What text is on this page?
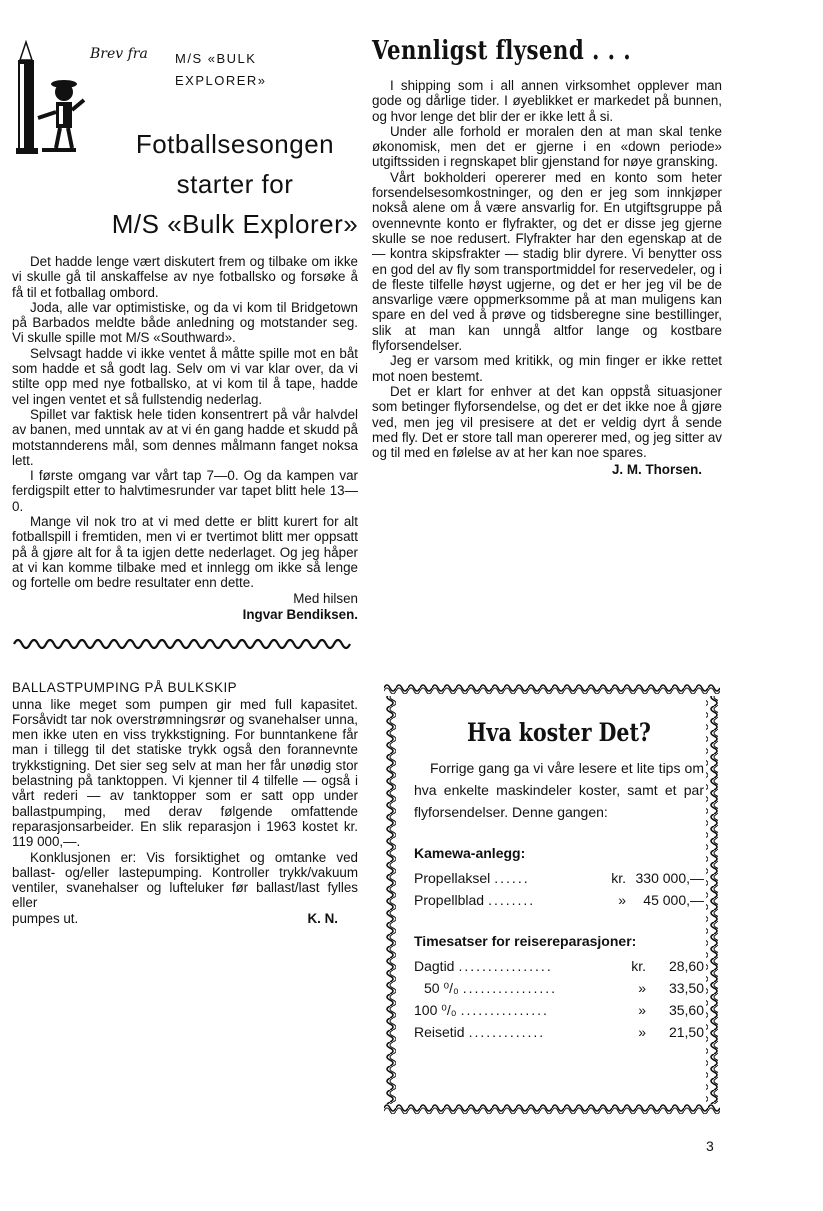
Brev fra M/S «BULK
EXPLORER»
Fotballsesongen
starter for
M/S «Bulk Explorer»

Det hadde lenge vært diskutert frem og tilbake om ikke vi skulle gå til anskaffelse av nye fotballsko og forsøke å få til et fotballag ombord.

Joda, alle var optimistiske, og da vi kom til Bridgetown på Barbados meldte både anledning og motstander seg. Vi skulle spille mot M/S «Southward».

Selvsagt hadde vi ikke ventet å måtte spille mot en båt som hadde et så godt lag. Selv om vi var klar over, da vi stilte opp med nye fotballsko, at vi kom til å tape, hadde vel ingen ventet et så fullstendig nederlag.

Spillet var faktisk hele tiden konsentrert på vår halvdel av banen, med unntak av at vi én gang hadde et skudd på motstannderens mål, som dennes målmann fanget noksa lett.

I første omgang var vårt tap 7—0. Og da kampen var ferdigspilt etter to halvtimesrunder var tapet blitt hele 13—0.

Mange vil nok tro at vi med dette er blitt kurert for alt fotballspill i fremtiden, men vi er tvertimot blitt mer oppsatt på å gjøre alt for å ta igjen dette nederlaget. Og jeg håper at vi kan komme tilbake med et innlegg om ikke så lenge og fortelle om bedre resultater enn dette.

Med hilsen

Ingvar Bendiksen.

BALLASTPUMPING PÅ BULKSKIP

unna like meget som pumpen gir med full kapasitet. Forsåvidt tar nok overstrømningsrør og svanehalser unna, men ikke uten en viss trykkstigning. For bunntankene får man i tillegg til det statiske trykk også den forannevnte trykkstigning. Det sier seg selv at man her får unødig stor belastning på tanktoppen. Vi kjenner til 4 tilfelle — også i vårt rederi — av tanktopper som er satt opp under ballastpumping, med derav følgende omfattende reparasjonsarbeider. En slik reparasjon i 1963 kostet kr. 119 000,—.

Konklusjonen er: Vis forsiktighet og omtanke ved ballast- og/eller lastepumping. Kontroller trykk/vakuum ventiler, svanehalser og lufteluker før ballast/last fylles eller

pumpes ut.	K. N.
Vennligst flysend . . .

I shipping som i all annen virksomhet opplever man gode og dårlige tider. I øyeblikket er markedet på bunnen, og hvor lenge det blir der er ikke lett å si.

Under alle forhold er moralen den at man skal tenke økonomisk, men det er gjerne i en «down periode» utgiftssiden i regnskapet blir gjenstand for nøye gransking.

Vårt bokholderi opererer med en konto som heter forsendelsesomkostninger, og den er jeg som innkjøper nokså alene om å være ansvarlig for. En utgiftsgruppe på ovennevnte konto er flyfrakter, og det er disse jeg gjerne skulle se noe redusert. Flyfrakter har den egenskap at de — kontra skipsfrakter — stadig blir dyrere. Vi benytter oss en god del av fly som transportmiddel for reservedeler, og i de fleste tilfelle høyst ugjerne, og det er her jeg vil be de ansvarlige være oppmerksomme på at man muligens kan spare en del ved å prøve og tidsberegne sine bestillinger, slik at man kan unngå altfor lange og kostbare flyforsendelser.

Jeg er varsom med kritikk, og min finger er ikke rettet mot noen bestemt.

Det er klart for enhver at det kan oppstå situasjoner som betinger flyforsendelse, og det er det ikke noe å gjøre ved, men jeg vil presisere at det er veldig dyrt å sende med fly. Det er store tall man opererer med, og jeg sitter av og til med en følelse av at her kan noe spares.

J. M. Thorsen.
Hva koster Det?

Forrige gang ga vi våre lesere et lite tips om hva enkelte maskindeler koster, samt et par flyforsendelser. Denne gangen:

Kamewa-anlegg:
Propellaksel ......	kr. 330 000,—
Propellblad ........	»	45 000,—
Timesatser for reisereparasjoner:
Dagtid ................	kr.	28,60
50 ⁰/₀ ................	»	33,50
100 ⁰/₀ ...............	»	35,60
Reisetid .............	»	21,50
3
